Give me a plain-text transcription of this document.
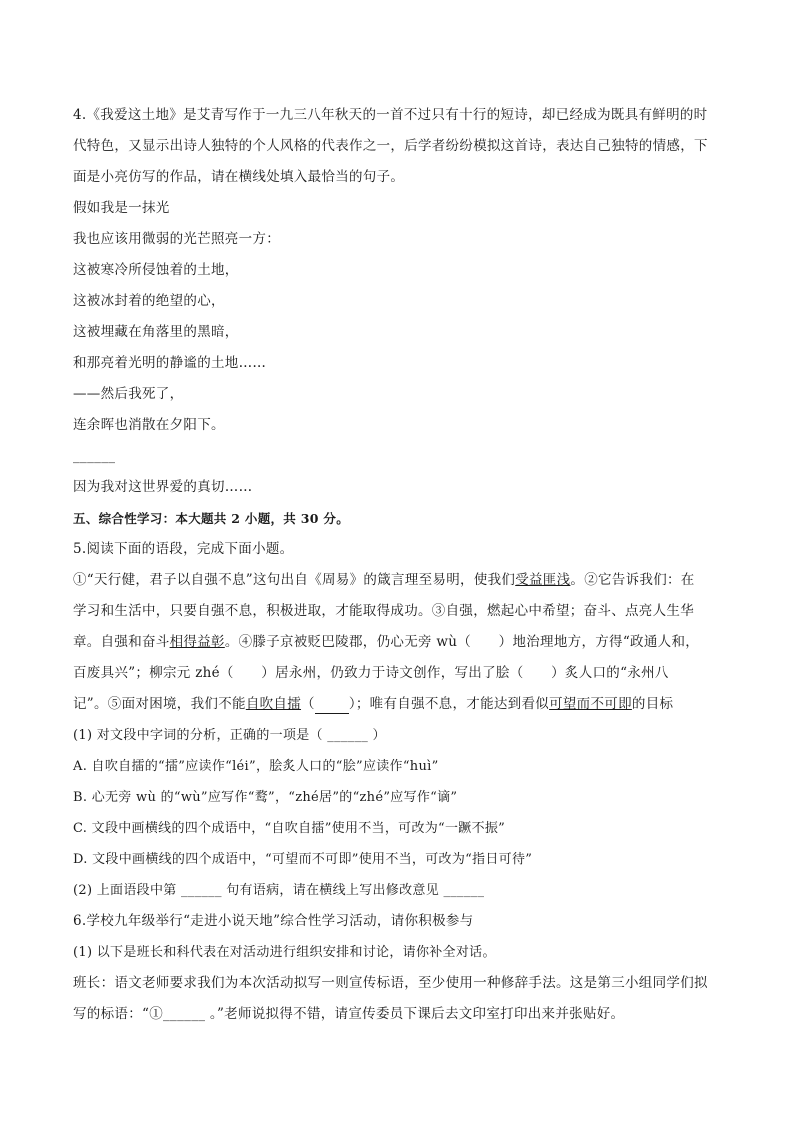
4.《我爱这土地》是艾青写作于一九三八年秋天的一首不过只有十行的短诗，却已经成为既具有鲜明的时
代特色，又显示出诗人独特的个人风格的代表作之一，后学者纷纷模拟这首诗，表达自己独特的情感，下
面是小亮仿写的作品，请在横线处填入最恰当的句子。
假如我是一抹光
我也应该用微弱的光芒照亮一方：
这被寒冷所侵蚀着的土地，
这被冰封着的绝望的心，
这被埋藏在角落里的黑暗，
和那亮着光明的静谧的土地……
——然后我死了，
连余晖也消散在夕阳下。
______
因为我对这世界爱的真切……
五、综合性学习：本大题共 2 小题，共 30 分。
5.阅读下面的语段，完成下面小题。
①“天行健，君子以自强不息”这句出自《周易》的箴言理至易明，使我们受益匪浅。②它告诉我们：在
学习和生活中，只要自强不息，积极进取，才能取得成功。③自强，燃起心中希望；奋斗、点亮人生华
章。自强和奋斗相得益彰。④滕子京被贬巴陵郡，仍心无旁 wù（　　）地治理地方，方得“政通人和，
百废具兴”；柳宗元 zhé（　　）居永州，仍致力于诗文创作，写出了脍（　　）炙人口的“永州八
记”。⑤面对困境，我们不能自吹自擂（	）；唯有自强不息，才能达到看似可望而不可即的目标
(1) 对文段中字词的分析，正确的一项是（ ______ ）
A. 自吹自擂的“擂”应读作“léi”，脍炙人口的“脍”应读作“huì”
B. 心无旁 wù 的“wù”应写作“鹜”，“zhé居”的“zhé”应写作“谪”
C. 文段中画横线的四个成语中，“自吹自擂”使用不当，可改为“一蹶不振”
D. 文段中画横线的四个成语中，“可望而不可即”使用不当，可改为“指日可待”
(2) 上面语段中第 ______ 句有语病，请在横线上写出修改意见 ______
6.学校九年级举行“走进小说天地”综合性学习活动，请你积极参与
(1) 以下是班长和科代表在对活动进行组织安排和讨论，请你补全对话。
班长：语文老师要求我们为本次活动拟写一则宣传标语，至少使用一种修辞手法。这是第三小组同学们拟
写的标语：“①______ 。”老师说拟得不错，请宣传委员下课后去文印室打印出来并张贴好。
